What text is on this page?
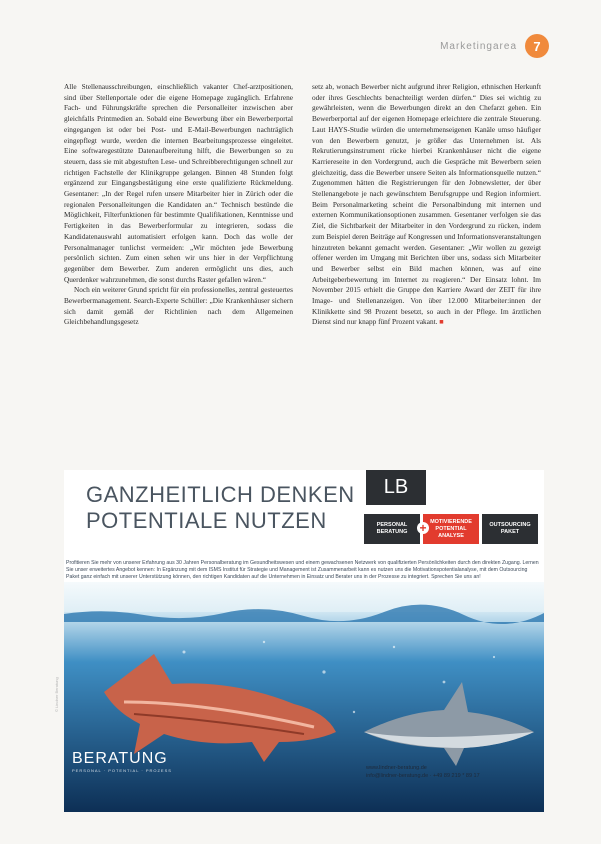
Marketingarea	7

Alle Stellenausschreibungen, einschließlich vakanter Chef-arztpositionen, sind über Stellenportale oder die eigene Homepage zugänglich. Erfahrene Fach- und Führungskräfte sprechen die Personalleiter inzwischen aber gleichfalls Printmedien an. Sobald eine Bewerbung über ein Bewerberportal eingegangen ist oder bei Post- und E-Mail-Bewerbungen nachträglich eingepflegt wurde, werden die internen Bearbeitungsprozesse eingeleitet. Eine softwaregestützte Datenaufbereitung hilft, die Bewerbungen so zu steuern, dass sie mit abgestuften Lese- und Schreibberechtigungen schnell zur richtigen Fachstelle der Klinikgruppe gelangen. Binnen 48 Stunden folgt ergänzend zur Eingangsbestätigung eine erste qualifizierte Rückmeldung. Gesentaner: „In der Regel rufen unsere Mitarbeiter hier in Zürich oder die regionalen Personalleitungen die Kandidaten an.“ Technisch bestünde die Möglichkeit, Filterfunktionen für bestimmte Qualifikationen, Kenntnisse und Fertigkeiten in das Bewerberformular zu integrieren, sodass die Kandidatenauswahl automatisiert erfolgen kann. Doch das wolle der Personalmanager tunlichst vermeiden: „Wir möchten jede Bewerbung persönlich sichten. Zum einen sehen wir uns hier in der Verpflichtung gegenüber dem Bewerber. Zum anderen ermöglicht uns dies, auch Querdenker wahrzunehmen, die sonst durchs Raster gefallen wären.“

Noch ein weiterer Grund spricht für ein professionelles, zentral gesteuertes Bewerbermanagement. Search-Experte Schüller: „Die Krankenhäuser sichern sich damit gemäß der Richtlinien nach dem Allgemeinen Gleichbehandlungsgesetz

setz ab, wonach Bewerber nicht aufgrund ihrer Religion, ethnischen Herkunft oder ihres Geschlechts benachteiligt werden dürfen.“ Dies sei wichtig zu gewährleisten, wenn die Bewerbungen direkt an den Chefarzt gehen. Ein Bewerberportal auf der eigenen Homepage erleichtere die zentrale Steuerung. Laut HAYS-Studie würden die unternehmenseigenen Kanäle umso häufiger von den Bewerbern genutzt, je größer das Unternehmen ist. Als Rekrutierungsinstrument rücke hierbei Krankenhäuser nicht die eigene Karriereseite in den Vordergrund, auch die Gespräche mit Bewerbern seien gleichzeitig, dass die Bewerber unsere Seiten als Informationsquelle nutzen.“ Zugenommen hätten die Registrierungen für den Jobnewsletter, der über Stellenangebote je nach gewünschtem Berufsgruppe und Region informiert. Beim Personalmarketing scheint die Personalbindung mit internen und externen Kommunikationsoptionen zusammen. Gesentaner verfolgen sie das Ziel, die Sichtbarkeit der Mitarbeiter in den Vordergrund zu rücken, indem zum Beispiel deren Beiträge auf Kongressen und Informationsveranstaltungen hinzutreten bekannt gemacht werden. Gesentaner: „Wir wollen zu gezeigt offener werden im Umgang mit Berichten über uns, sodass sich Mitarbeiter und Bewerber selbst ein Bild machen können, was auf eine Arbeitgeberbewertung im Internet zu reagieren.“ Der Einsatz lohnt. Im November 2015 erhielt die Gruppe den Karriere Award der ZEIT für ihre Image- und Stellenanzeigen. Von über 12.000 Mitarbeiter:innen der Klinikkette sind 98 Prozent besetzt, so auch in der Pflege. Im ärztlichen Dienst sind nur knapp fünf Prozent vakant. ■

GANZHEITLICH DENKEN
POTENTIALE NUTZEN
LB
PERSONAL BERATUNG
MOTIVIERENDE POTENTIAL ANALYSE
OUTSOURCING PAKET
+
Profitieren Sie mehr von unserer Erfahrung aus 30 Jahren Personalberatung im Gesundheitswesen und einem gewachsenen Netzwerk von qualifizierten Persönlichkeiten durch den direkten Zugang. Lernen Sie unser erweitertes Angebot kennen: In Ergänzung mit dem ISMS Institut für Strategie und Management ist Zusammenarbeit kann es nutzen uns die Motivationspotentialanalyse, mit dem Outsourcing Paket ganz einfach mit unserer Unterstützung können, den richtigen Kandidaten auf die Unternehmen in Einsatz und Berater uns in der Prozesse zu integriert. Sprechen Sie uns an!
BERATUNG
PERSONAL · POTENTIAL · PROZESS	www.lindner-beratung.de
info@lindner-beratung.de · +49 89 219 * 89 17
© Lindner Beratung
